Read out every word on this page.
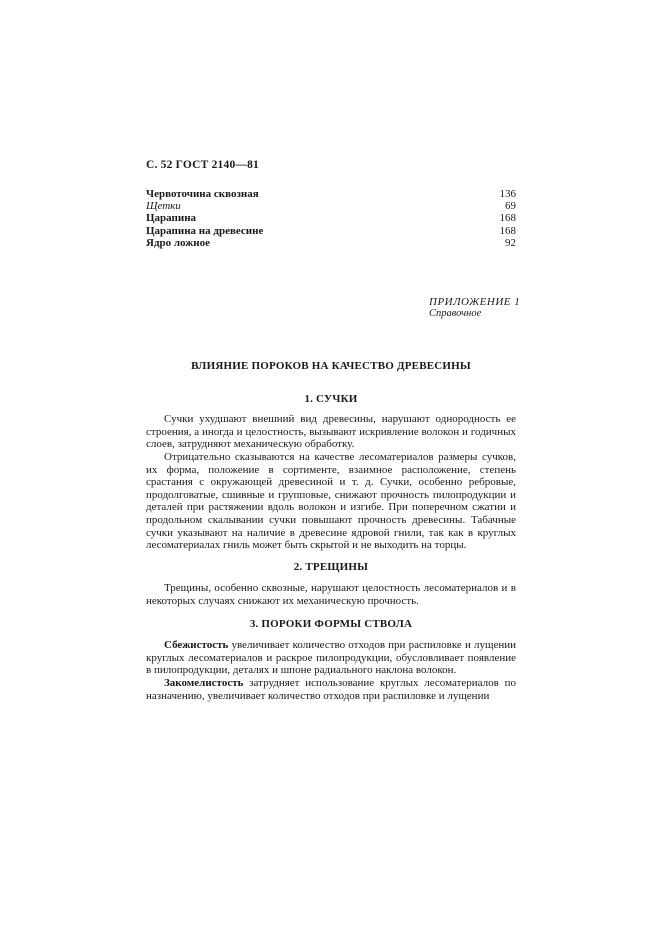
С. 52 ГОСТ 2140—81
Червоточина сквозная	136
Щетки	69
Царапина	168
Царапина на древесине	168
Ядро ложное	92
ПРИЛОЖЕНИЕ 1
Справочное
ВЛИЯНИЕ ПОРОКОВ НА КАЧЕСТВО ДРЕВЕСИНЫ
1. СУЧКИ

Сучки ухудшают внешний вид древесины, нарушают однородность ее строения, а иногда и целостность, вызывают искривление волокон и годичных слоев, затрудняют механическую обработку.

Отрицательно сказываются на качестве лесоматериалов размеры сучков, их форма, положение в сортименте, взаимное расположение, степень срастания с окружающей древесиной и т. д. Сучки, особенно ребровые, продолговатые, сшивные и групповые, снижают прочность пилопродукции и деталей при растяжении вдоль волокон и изгибе. При поперечном сжатии и продольном скалывании сучки повышают прочность древесины. Табачные сучки указывают на наличие в древесине ядровой гнили, так как в круглых лесоматериалах гниль может быть скрытой и не выходить на торцы.

2. ТРЕЩИНЫ

Трещины, особенно сквозные, нарушают целостность лесоматериалов и в некоторых случаях снижают их механическую прочность.

3. ПОРОКИ ФОРМЫ СТВОЛА

Сбежистость увеличивает количество отходов при распиловке и лущении круглых лесоматериалов и раскрое пилопродукции, обусловливает появление в пилопродукции, деталях и шпоне радиального наклона волокон.

Закомелистость затрудняет использование круглых лесоматериалов по назначению, увеличивает количество отходов при распиловке и лущении
